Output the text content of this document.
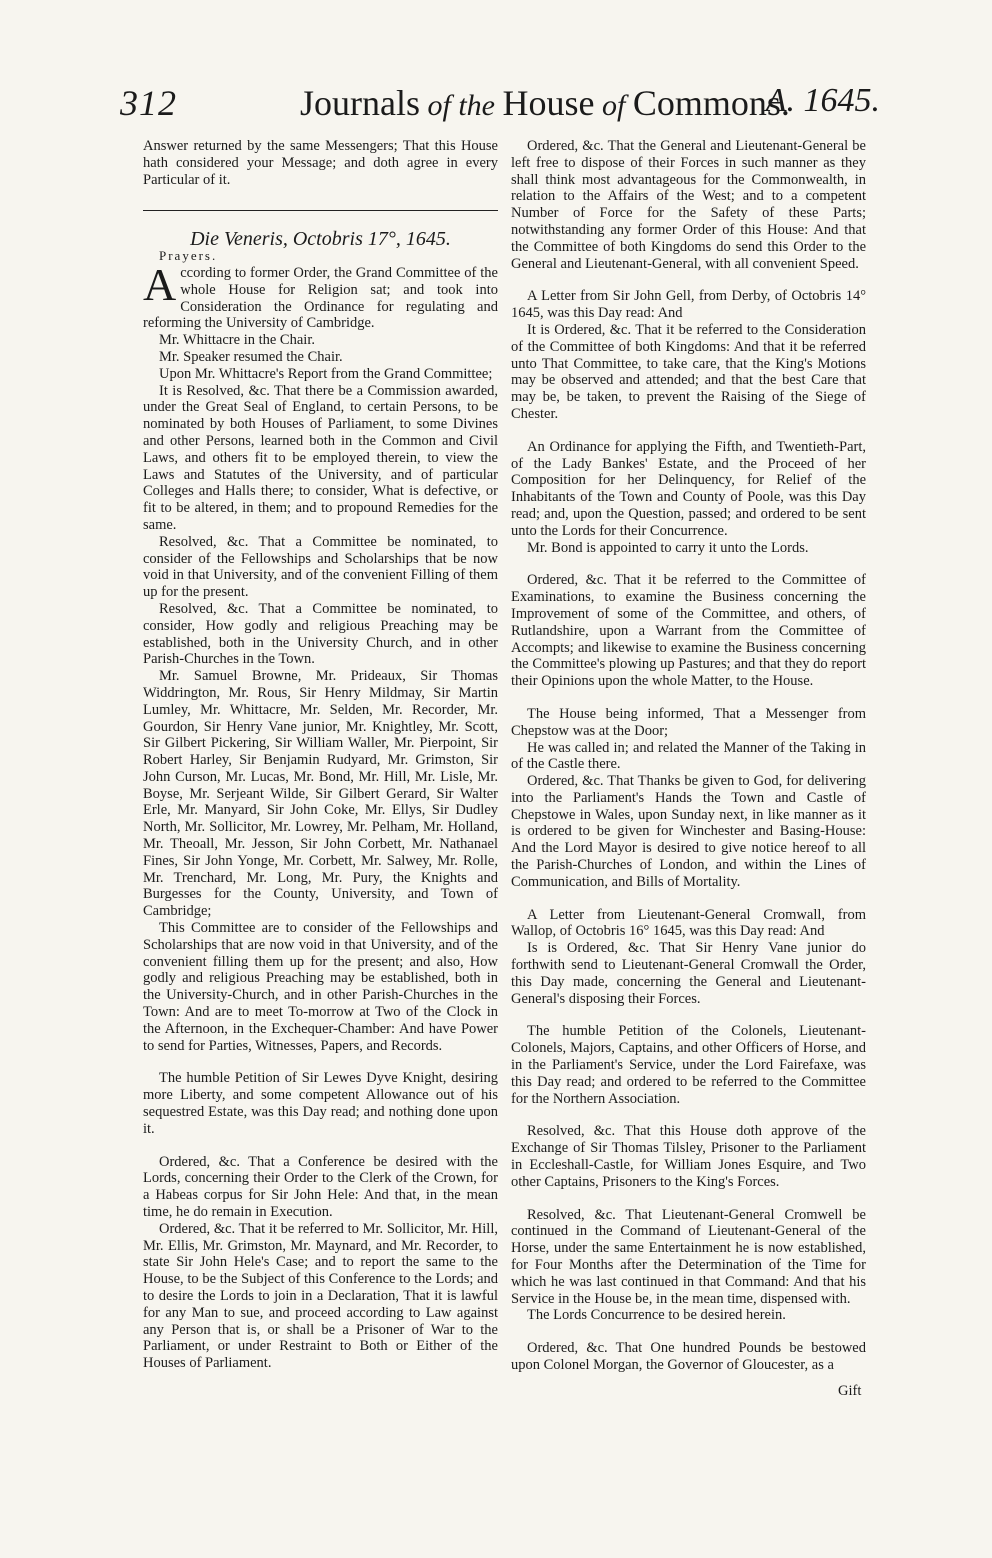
312	Journals of the House of Commons.
A. 1645.

Answer returned by the same Messengers; That this House hath considered your Message; and doth agree in every Particular of it.

Die Veneris, Octobris 17°, 1645.

Prayers.

According to former Order, the Grand Committee of the whole House for Religion sat; and took into Consideration the Ordinance for regulating and reforming the University of Cambridge.

Mr. Whittacre in the Chair.

Mr. Speaker resumed the Chair.

Upon Mr. Whittacre's Report from the Grand Committee;

It is Resolved, &c. That there be a Commission awarded, under the Great Seal of England, to certain Persons, to be nominated by both Houses of Parliament, to some Divines and other Persons, learned both in the Common and Civil Laws, and others fit to be employed therein, to view the Laws and Statutes of the University, and of particular Colleges and Halls there; to consider, What is defective, or fit to be altered, in them; and to propound Remedies for the same.

Resolved, &c. That a Committee be nominated, to consider of the Fellowships and Scholarships that be now void in that University, and of the convenient Filling of them up for the present.

Resolved, &c. That a Committee be nominated, to consider, How godly and religious Preaching may be established, both in the University Church, and in other Parish-Churches in the Town.

Mr. Samuel Browne, Mr. Prideaux, Sir Thomas Widdrington, Mr. Rous, Sir Henry Mildmay, Sir Martin Lumley, Mr. Whittacre, Mr. Selden, Mr. Recorder, Mr. Gourdon, Sir Henry Vane junior, Mr. Knightley, Mr. Scott, Sir Gilbert Pickering, Sir William Waller, Mr. Pierpoint, Sir Robert Harley, Sir Benjamin Rudyard, Mr. Grimston, Sir John Curson, Mr. Lucas, Mr. Bond, Mr. Hill, Mr. Lisle, Mr. Boyse, Mr. Serjeant Wilde, Sir Gilbert Gerard, Sir Walter Erle, Mr. Manyard, Sir John Coke, Mr. Ellys, Sir Dudley North, Mr. Sollicitor, Mr. Lowrey, Mr. Pelham, Mr. Holland, Mr. Theoall, Mr. Jesson, Sir John Corbett, Mr. Nathanael Fines, Sir John Yonge, Mr. Corbett, Mr. Salwey, Mr. Rolle, Mr. Trenchard, Mr. Long, Mr. Pury, the Knights and Burgesses for the County, University, and Town of Cambridge;

This Committee are to consider of the Fellowships and Scholarships that are now void in that University, and of the convenient filling them up for the present; and also, How godly and religious Preaching may be established, both in the University-Church, and in other Parish-Churches in the Town: And are to meet To-morrow at Two of the Clock in the Afternoon, in the Exchequer-Chamber: And have Power to send for Parties, Witnesses, Papers, and Records.

The humble Petition of Sir Lewes Dyve Knight, desiring more Liberty, and some competent Allowance out of his sequestred Estate, was this Day read; and nothing done upon it.

Ordered, &c. That a Conference be desired with the Lords, concerning their Order to the Clerk of the Crown, for a Habeas corpus for Sir John Hele: And that, in the mean time, he do remain in Execution.

Ordered, &c. That it be referred to Mr. Sollicitor, Mr. Hill, Mr. Ellis, Mr. Grimston, Mr. Maynard, and Mr. Recorder, to state Sir John Hele's Case; and to report the same to the House, to be the Subject of this Conference to the Lords; and to desire the Lords to join in a Declaration, That it is lawful for any Man to sue, and proceed according to Law against any Person that is, or shall be a Prisoner of War to the Parliament, or under Restraint to Both or Either of the Houses of Parliament.

Ordered, &c. That the General and Lieutenant-General be left free to dispose of their Forces in such manner as they shall think most advantageous for the Commonwealth, in relation to the Affairs of the West; and to a competent Number of Force for the Safety of these Parts; notwithstanding any former Order of this House: And that the Committee of both Kingdoms do send this Order to the General and Lieutenant-General, with all convenient Speed.

A Letter from Sir John Gell, from Derby, of Octobris 14° 1645, was this Day read: And

It is Ordered, &c. That it be referred to the Consideration of the Committee of both Kingdoms: And that it be referred unto That Committee, to take care, that the King's Motions may be observed and attended; and that the best Care that may be, be taken, to prevent the Raising of the Siege of Chester.

An Ordinance for applying the Fifth, and Twentieth-Part, of the Lady Bankes' Estate, and the Proceed of her Composition for her Delinquency, for Relief of the Inhabitants of the Town and County of Poole, was this Day read; and, upon the Question, passed; and ordered to be sent unto the Lords for their Concurrence.

Mr. Bond is appointed to carry it unto the Lords.

Ordered, &c. That it be referred to the Committee of Examinations, to examine the Business concerning the Improvement of some of the Committee, and others, of Rutlandshire, upon a Warrant from the Committee of Accompts; and likewise to examine the Business concerning the Committee's plowing up Pastures; and that they do report their Opinions upon the whole Matter, to the House.

The House being informed, That a Messenger from Chepstow was at the Door;

He was called in; and related the Manner of the Taking in of the Castle there.

Ordered, &c. That Thanks be given to God, for delivering into the Parliament's Hands the Town and Castle of Chepstowe in Wales, upon Sunday next, in like manner as it is ordered to be given for Winchester and Basing-House: And the Lord Mayor is desired to give notice hereof to all the Parish-Churches of London, and within the Lines of Communication, and Bills of Mortality.

A Letter from Lieutenant-General Cromwall, from Wallop, of Octobris 16° 1645, was this Day read: And

Is is Ordered, &c. That Sir Henry Vane junior do forthwith send to Lieutenant-General Cromwall the Order, this Day made, concerning the General and Lieutenant-General's disposing their Forces.

The humble Petition of the Colonels, Lieutenant-Colonels, Majors, Captains, and other Officers of Horse, and in the Parliament's Service, under the Lord Fairefaxe, was this Day read; and ordered to be referred to the Committee for the Northern Association.

Resolved, &c. That this House doth approve of the Exchange of Sir Thomas Tilsley, Prisoner to the Parliament in Eccleshall-Castle, for William Jones Esquire, and Two other Captains, Prisoners to the King's Forces.

Resolved, &c. That Lieutenant-General Cromwell be continued in the Command of Lieutenant-General of the Horse, under the same Entertainment he is now established, for Four Months after the Determination of the Time for which he was last continued in that Command: And that his Service in the House be, in the mean time, dispensed with.

The Lords Concurrence to be desired herein.

Ordered, &c. That One hundred Pounds be bestowed upon Colonel Morgan, the Governor of Gloucester, as a

Gift
